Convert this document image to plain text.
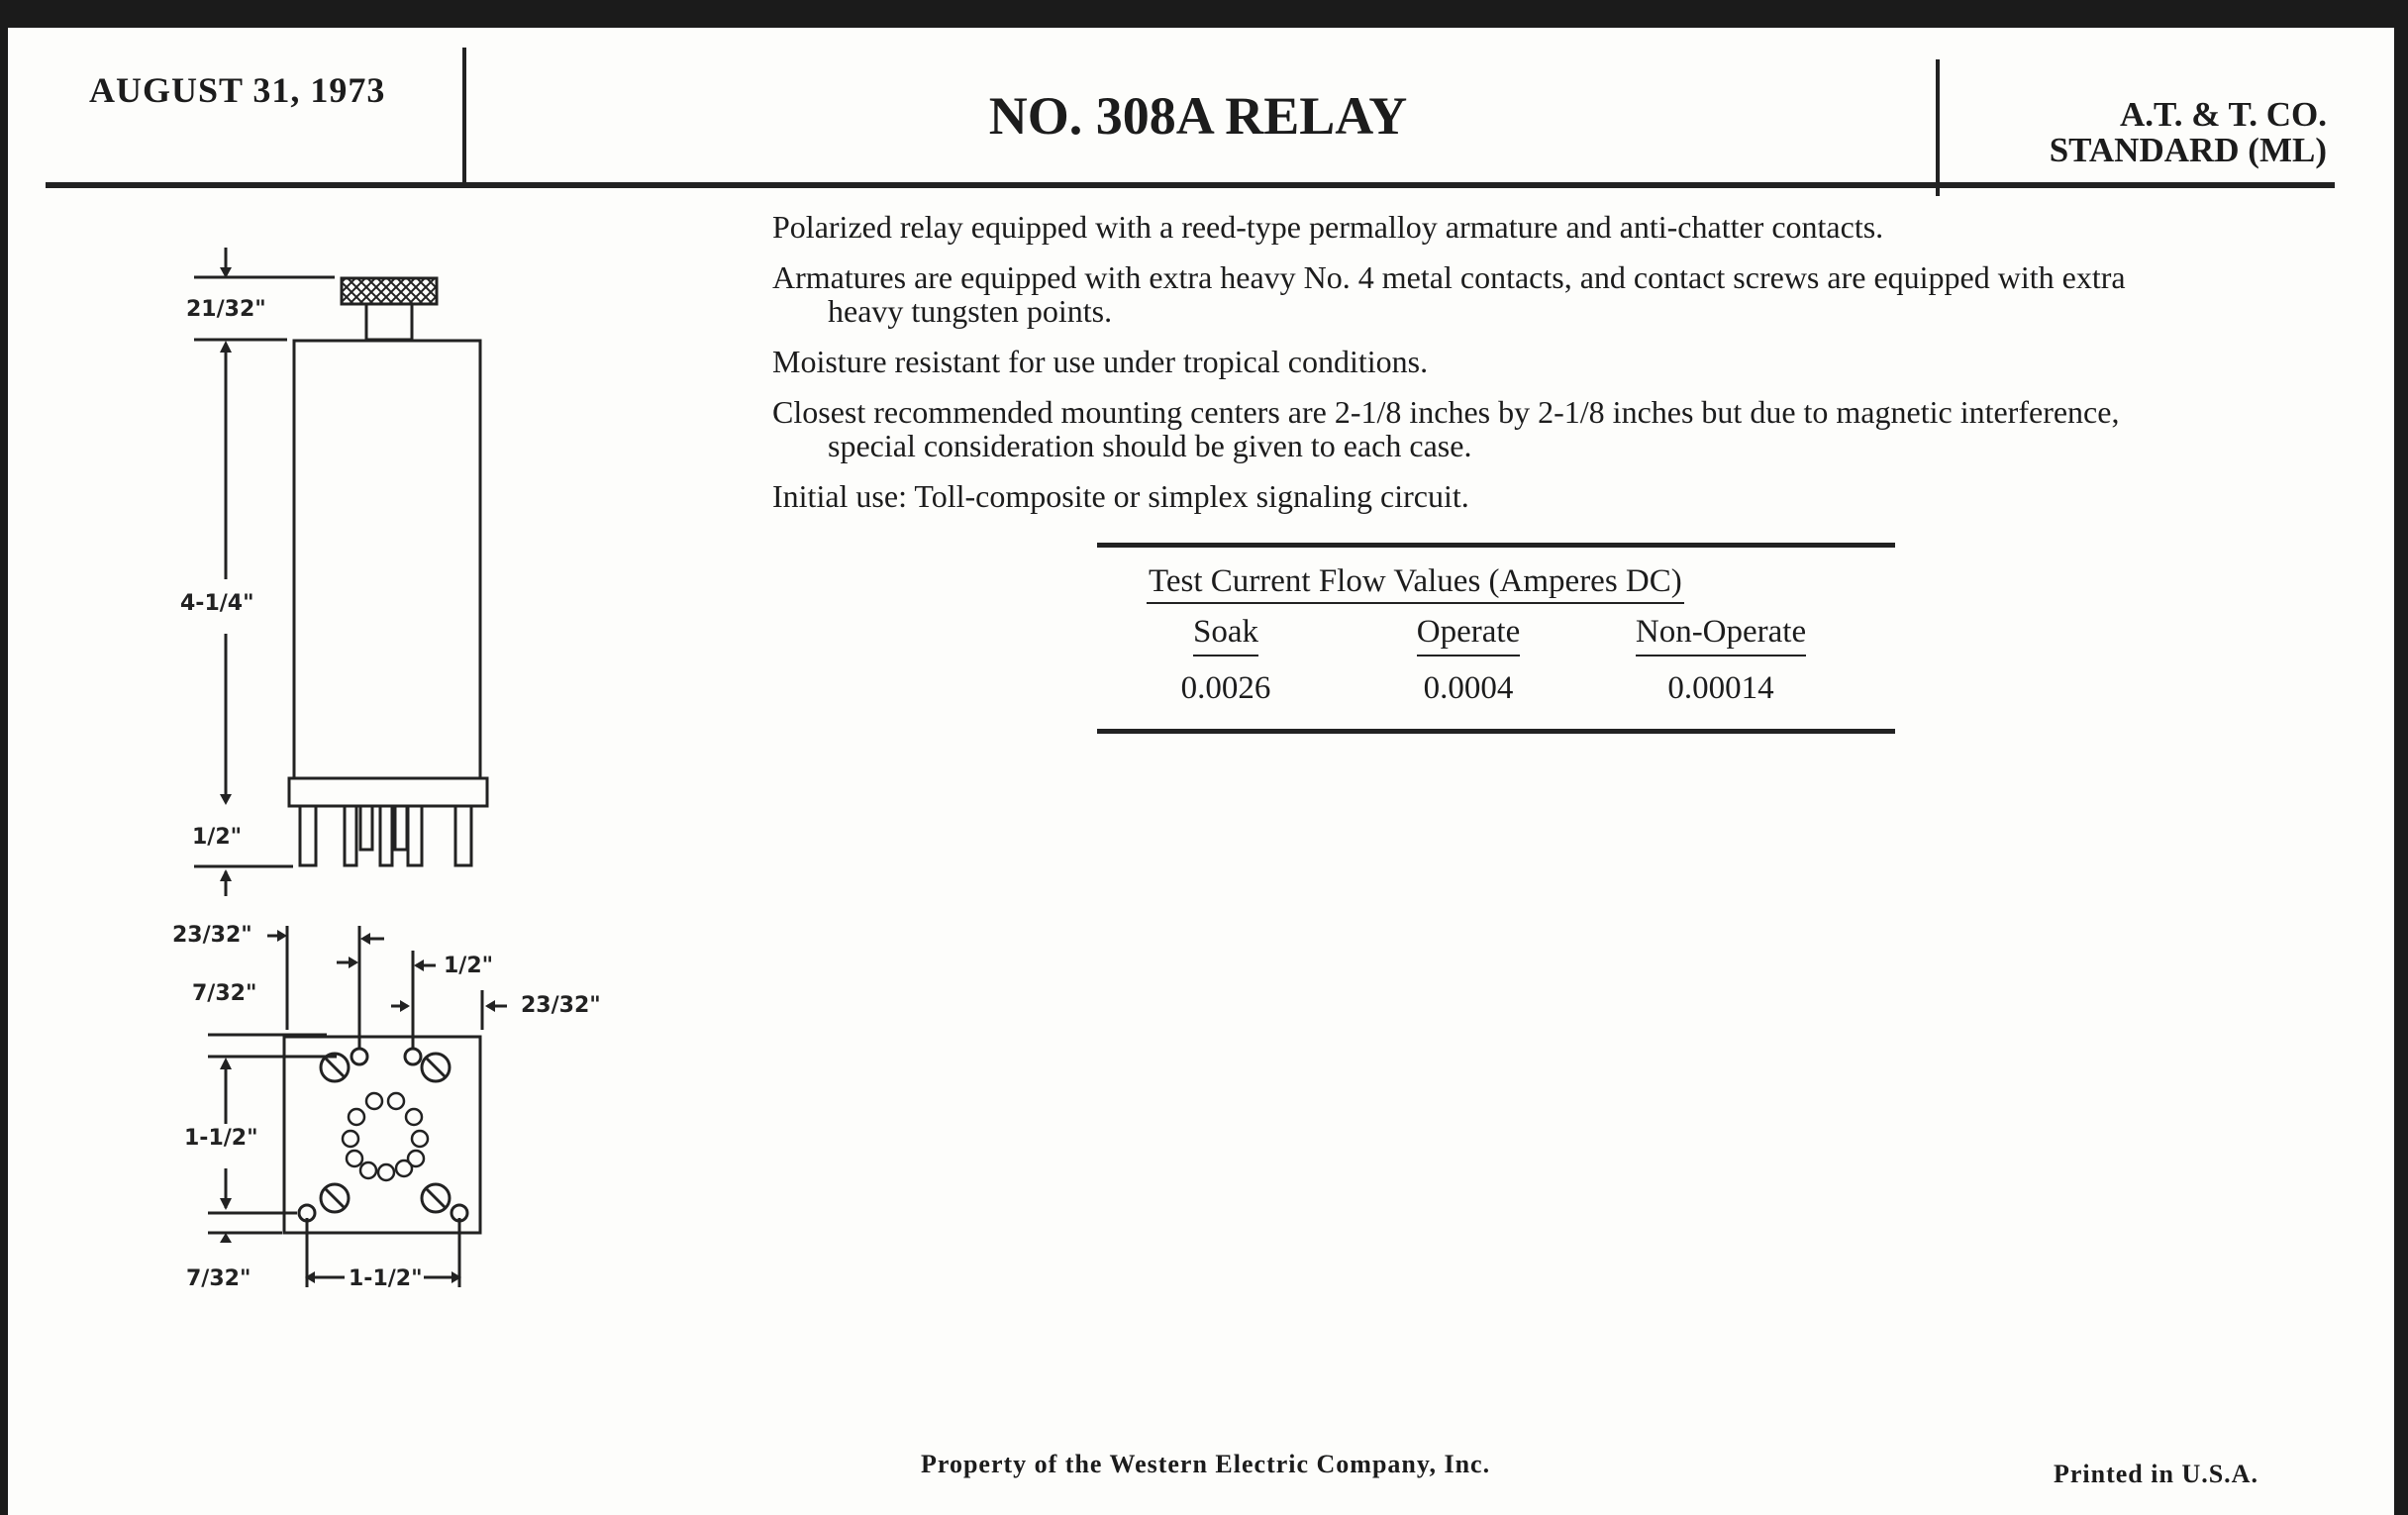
AUGUST 31, 1973	NO. 308A RELAY	A.T. & T. CO.
STANDARD (ML)

Polarized relay equipped with a reed-type permalloy armature and anti-chatter contacts.

Armatures are equipped with extra heavy No. 4 metal contacts, and contact screws are equipped with extra heavy tungsten points.

Moisture resistant for use under tropical conditions.

Closest recommended mounting centers are 2-1/8 inches by 2-1/8 inches but due to magnetic interference, special consideration should be given to each case.

Initial use: Toll-composite or simplex signaling circuit.

Test Current Flow Values (Amperes DC)
Soak	Operate	Non-Operate
0.0026	0.0004	0.00014
21/32"
4-1/4"
1/2"
23/32"
7/32"
1/2"
23/32"
1-1/2"
7/32"	1-1/2"
Property of the Western Electric Company, Inc.	Printed in U.S.A.
